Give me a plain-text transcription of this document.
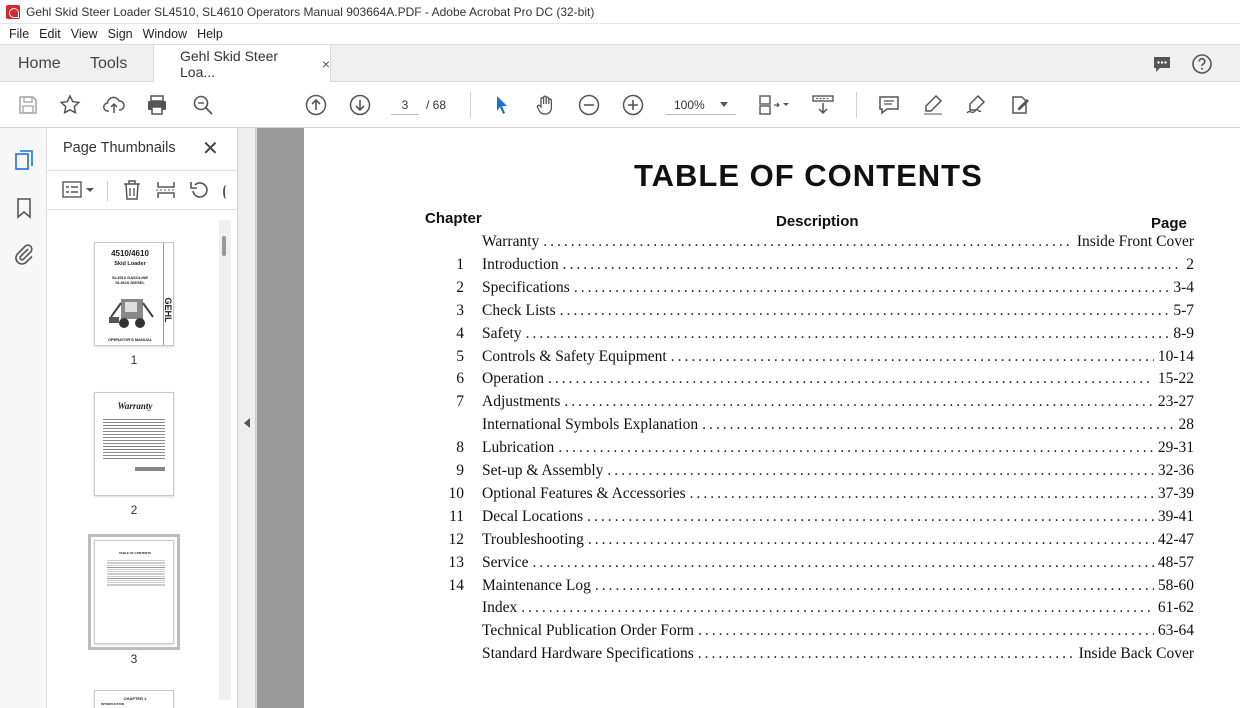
Gehl Skid Steer Loader SL4510, SL4610 Operators Manual 903664A.PDF - Adobe Acrobat Pro DC (32-bit)
File Edit View Sign Window Help
Home Tools	Gehl Skid Steer Loa...	×
3	/ 68	100%
Page Thumbnails ✕
4510/4610
Skid Loader
SL4510 GASOLINE
SL4610 DIESEL
OPERATOR'S MANUAL
GEHL
1
Warranty
2
TABLE OF CONTENTS
3
CHAPTER 1
INTRODUCTION
TABLE OF CONTENTS
Chapter	Description	Page
Warranty .....	Inside Front Cover
1 Introduction .....	2
2 Specifications .....	3-4
3 Check Lists .....	5-7
4 Safety .....	8-9
5 Controls & Safety Equipment .....	10-14
6 Operation .....	15-22
7 Adjustments .....	23-27
International Symbols Explanation .....	28
8 Lubrication .....	29-31
9 Set-up & Assembly .....	32-36
10 Optional Features & Accessories .....	37-39
11 Decal Locations .....	39-41
12 Troubleshooting .....	42-47
13 Service .....	48-57
14 Maintenance Log .....	58-60
Index .....	61-62
Technical Publication Order Form .....	63-64
Standard Hardware Specifications .....	Inside Back Cover
